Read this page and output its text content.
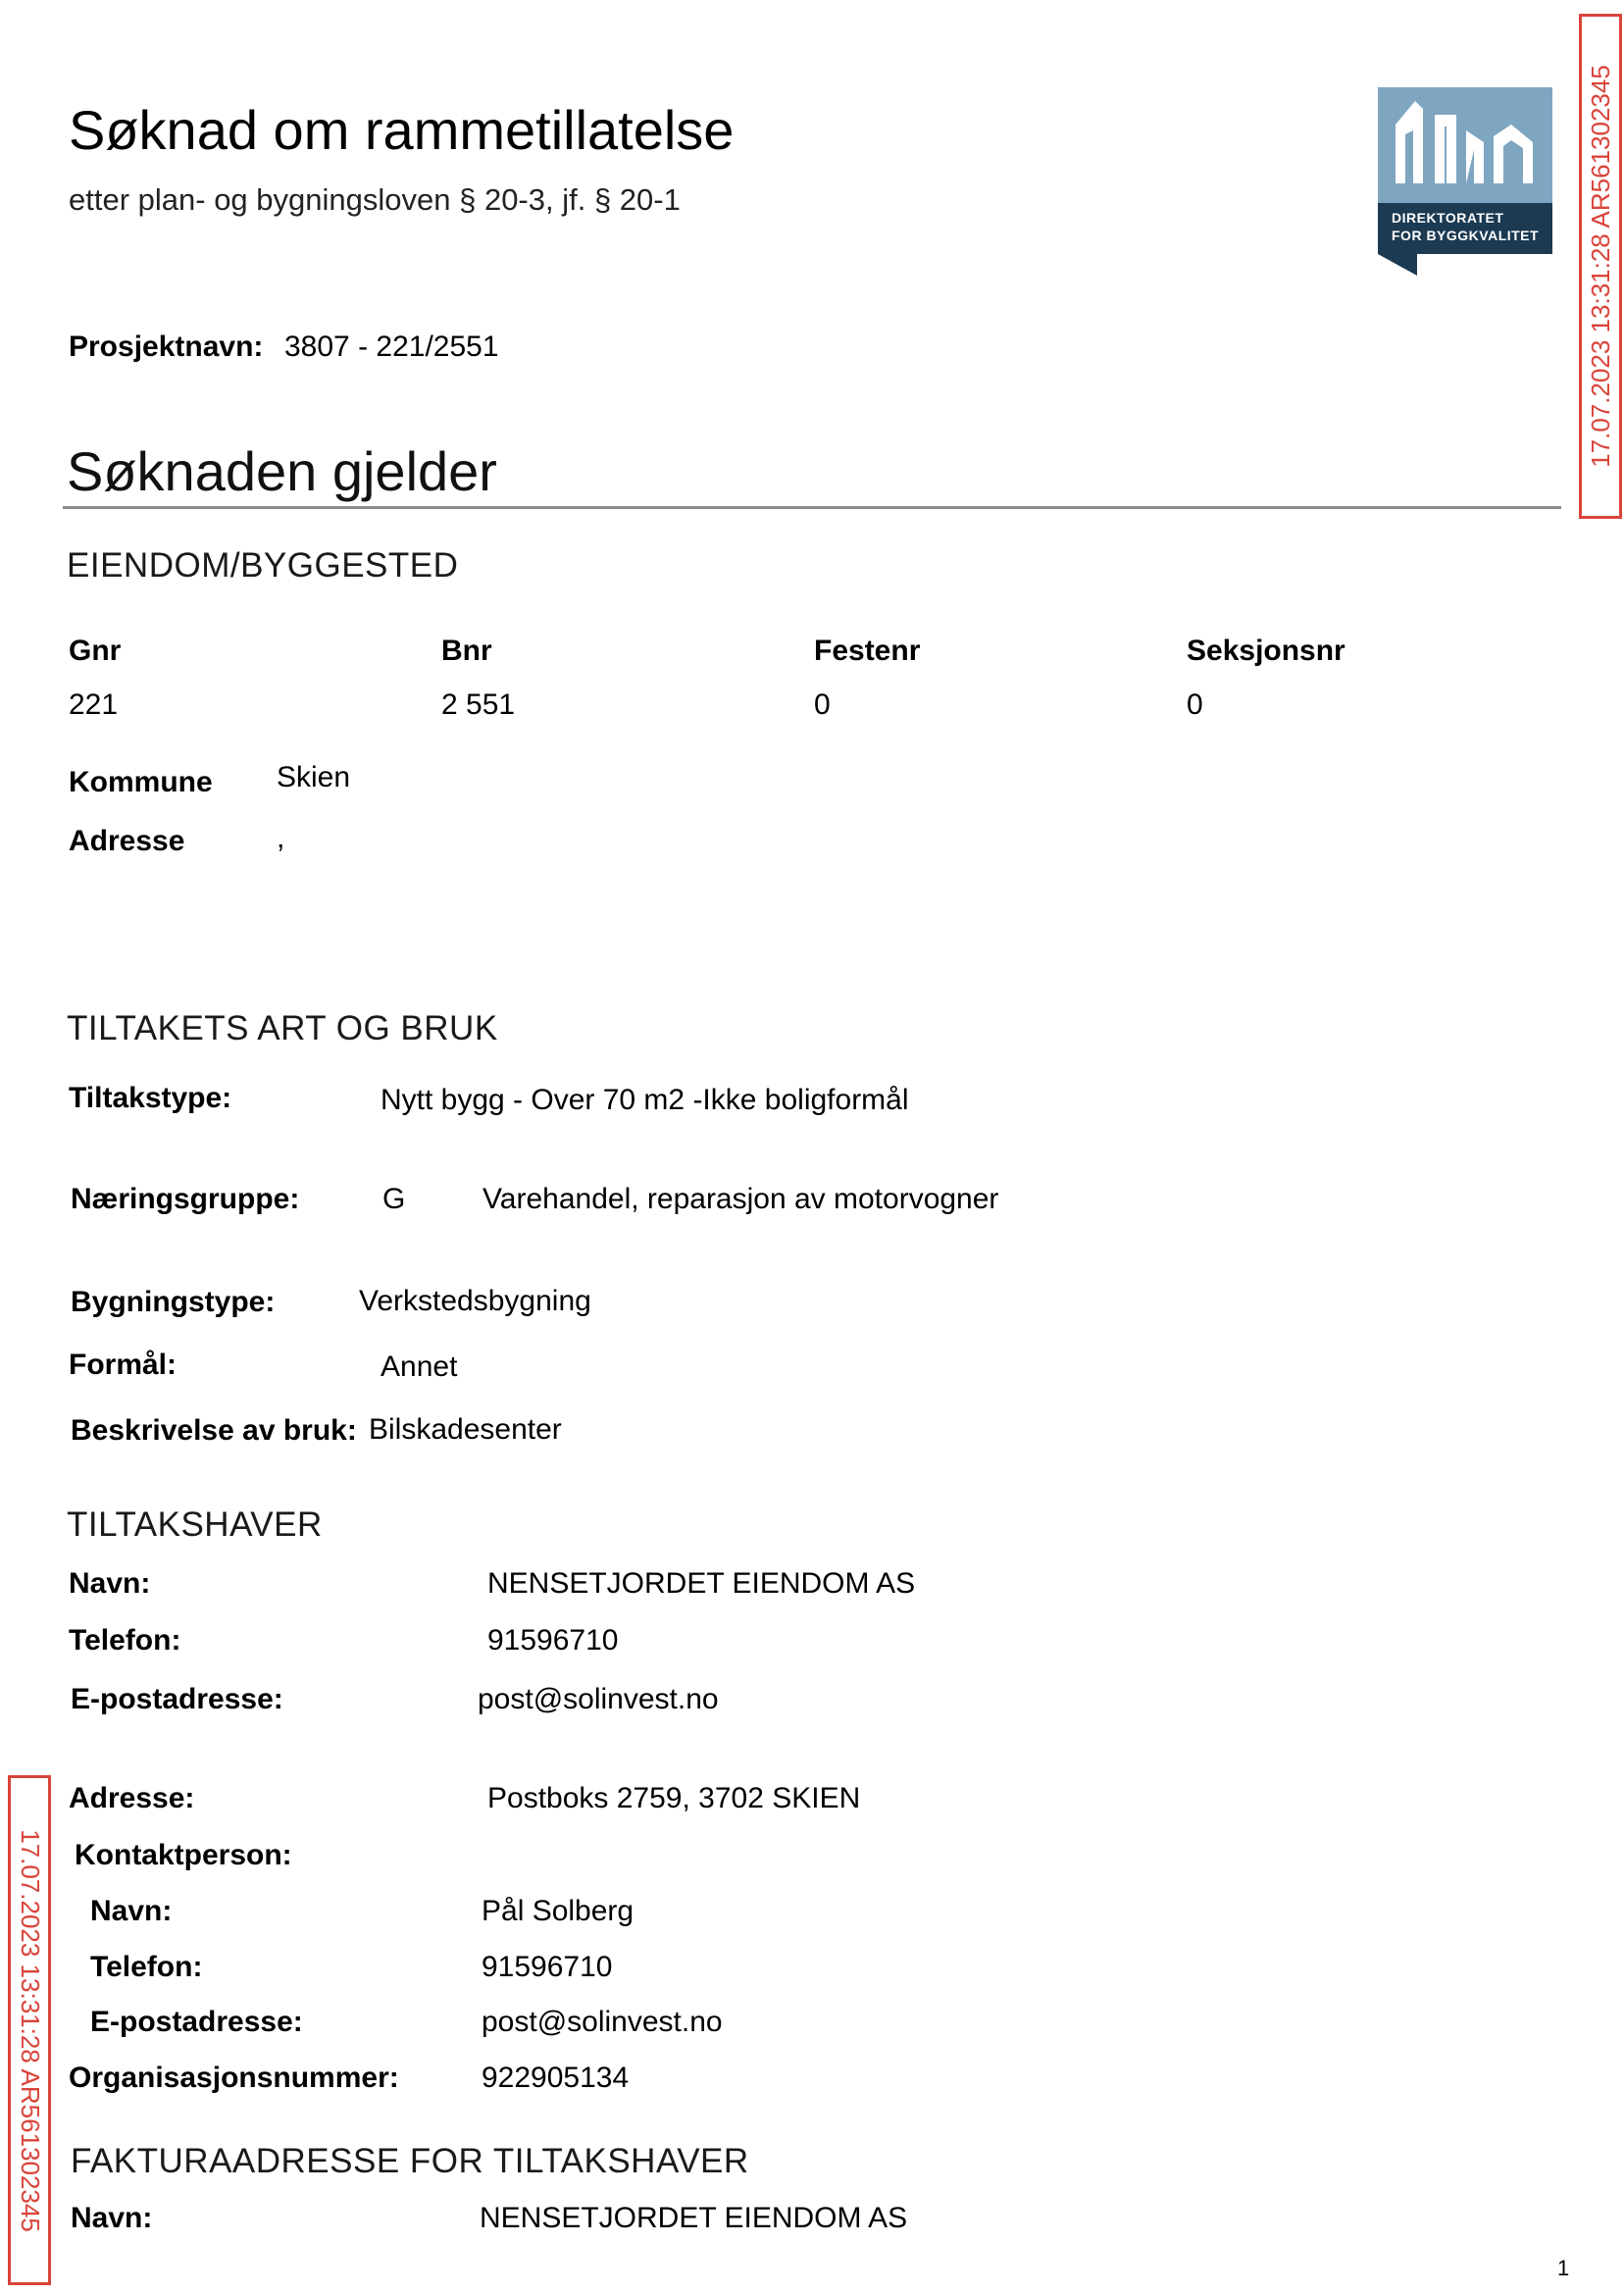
Søknad om rammetillatelse
etter plan- og bygningsloven § 20-3, jf. § 20-1
DIREKTORATET
FOR BYGGKVALITET 17.07.2023 13:31:28 AR561302345
17.07.2023 13:31:28 AR561302345
Prosjektnavn: 3807 - 221/2551
Søknaden gjelder
EIENDOM/BYGGESTED
Gnr	Bnr	Festenr	Seksjonsnr
221	2 551	0	0
Kommune Skien
Adresse	,
TILTAKETS ART OG BRUK
Tiltakstype:	Nytt bygg - Over 70 m2 -Ikke boligformål
Næringsgruppe:	G	Varehandel, reparasjon av motorvogner
Bygningstype:	Verkstedsbygning
Formål:	Annet
Beskrivelse av bruk: Bilskadesenter
TILTAKSHAVER
Navn:	NENSETJORDET EIENDOM AS
Telefon:	91596710
E-postadresse:	post@solinvest.no
Adresse:	Postboks 2759, 3702 SKIEN
Kontaktperson:
Navn:	Pål Solberg
Telefon:	91596710
E-postadresse:	post@solinvest.no
Organisasjonsnummer:	922905134
FAKTURAADRESSE FOR TILTAKSHAVER
Navn:	NENSETJORDET EIENDOM AS
1
